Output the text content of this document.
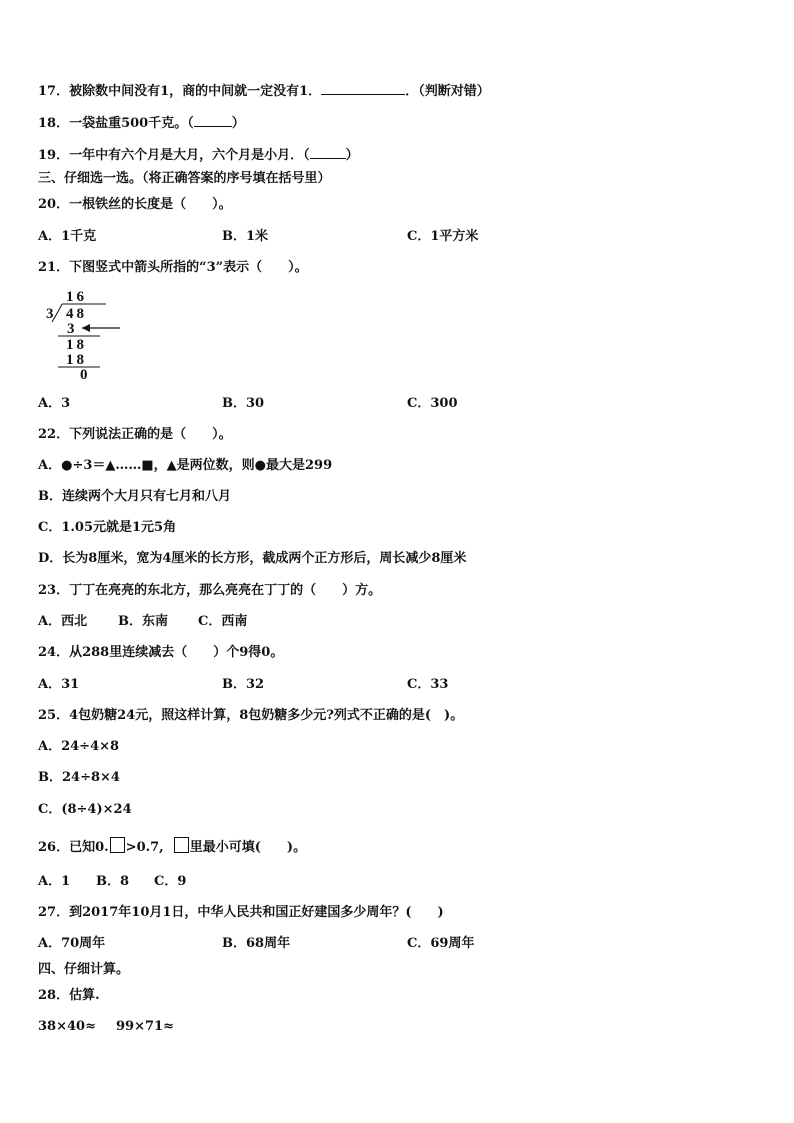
17．被除数中间没有1，商的中间就一定没有1．	．（判断对错）
18．一袋盐重500千克。（	）
19．一年中有六个月是大月，六个月是小月．（	）
三、仔细选一选。（将正确答案的序号填在括号里）
20．一根铁丝的长度是（　　）。
A．1千克	B．1米	C．1平方米
21．下图竖式中箭头所指的“3”表示（　　）。
16
3 48
3
18
18
0
A．3	B．30	C．300
22．下列说法正确的是（　　）。
A．●÷3＝▲……■，▲是两位数，则●最大是299
B．连续两个大月只有七月和八月
C．1.05元就是1元5角
D．长为8厘米，宽为4厘米的长方形，截成两个正方形后，周长减少8厘米
23．丁丁在亮亮的东北方，那么亮亮在丁丁的（　　）方。
A．西北 B．东南 C．西南
24．从288里连续减去（　　）个9得0。
A．31	B．32	C．33
25．4包奶糖24元，照这样计算，8包奶糖多少元?列式不正确的是(　)。
A．24÷4×8
B．24÷8×4
C．(8÷4)×24
26．已知0. >0.7, 里最小可填(　　)。
A．1 B．8 C．9
27．到2017年10月1日，中华人民共和国正好建国多少周年？(　　)
A．70周年	B．68周年	C．69周年
四、仔细计算。
28．估算.
38×40≈ 99×71≈
